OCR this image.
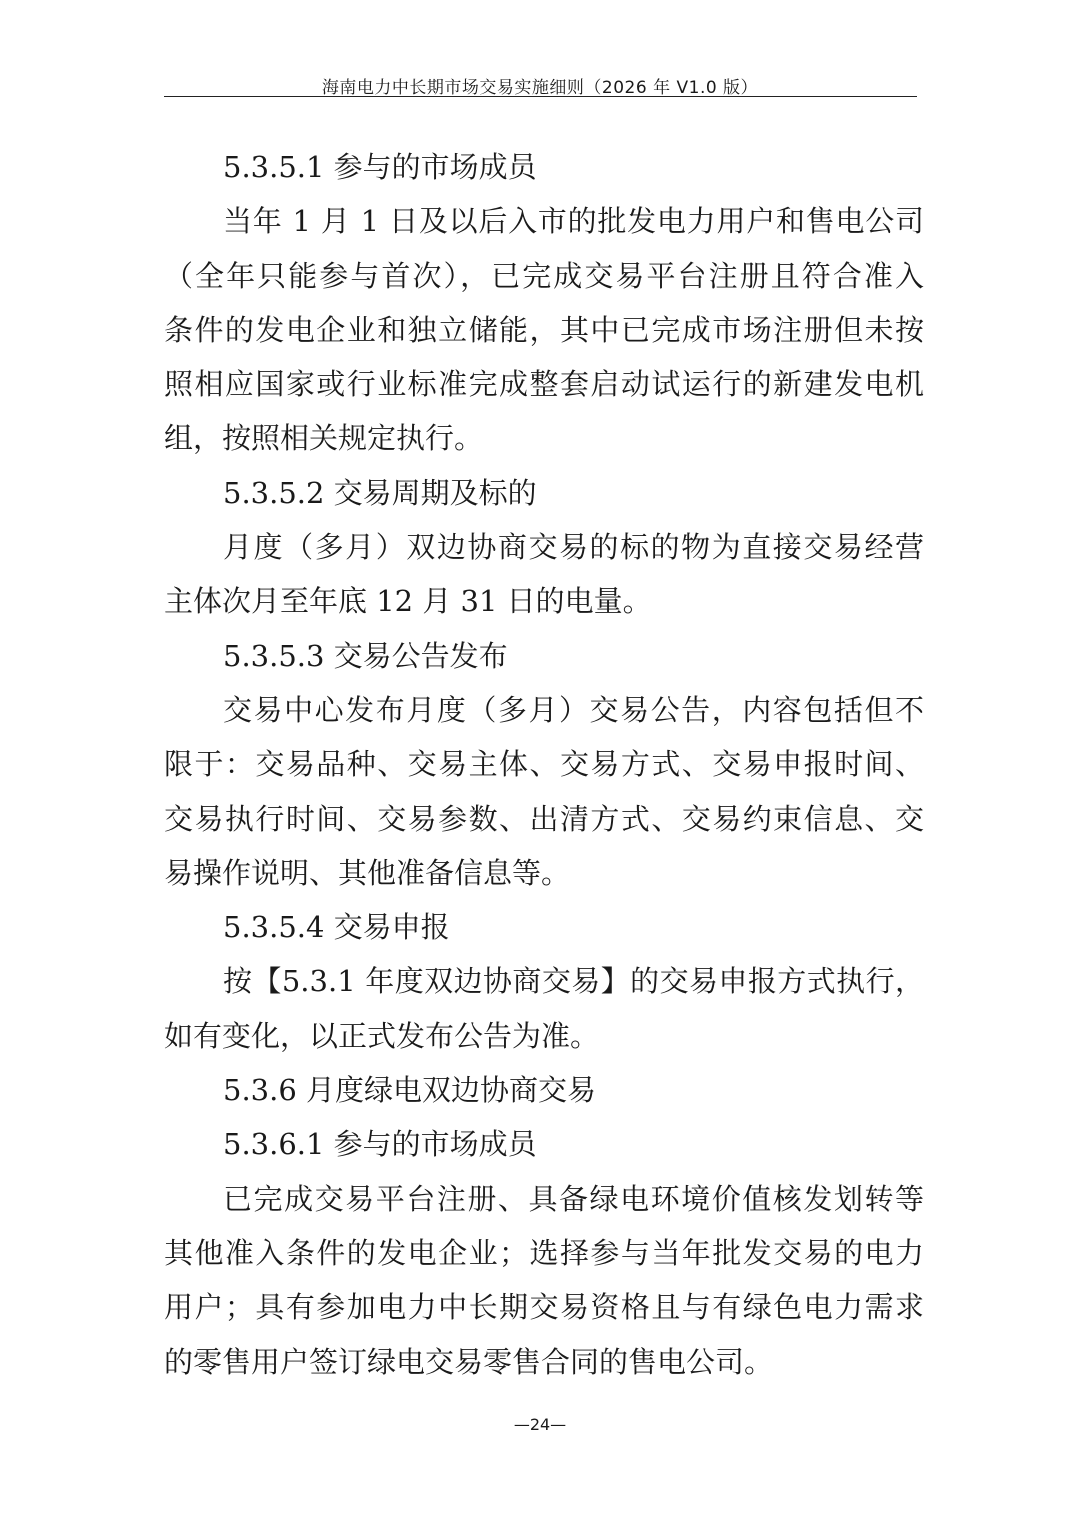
海南电力中长期市场交易实施细则（2026 年 V1.0 版）
5.3.5.1 参与的市场成员
当年 1 月 1 日及以后入市的批发电力用户和售电公司
（全年只能参与首次），已完成交易平台注册且符合准入
条件的发电企业和独立储能，其中已完成市场注册但未按
照相应国家或行业标准完成整套启动试运行的新建发电机
组，按照相关规定执行。
5.3.5.2 交易周期及标的
月度（多月）双边协商交易的标的物为直接交易经营
主体次月至年底 12 月 31 日的电量。
5.3.5.3 交易公告发布
交易中心发布月度（多月）交易公告，内容包括但不
限于：交易品种、交易主体、交易方式、交易申报时间、
交易执行时间、交易参数、出清方式、交易约束信息、交
易操作说明、其他准备信息等。
5.3.5.4 交易申报
按【5.3.1 年度双边协商交易】的交易申报方式执行，
如有变化，以正式发布公告为准。
5.3.6 月度绿电双边协商交易
5.3.6.1 参与的市场成员
已完成交易平台注册、具备绿电环境价值核发划转等
其他准入条件的发电企业；选择参与当年批发交易的电力
用户；具有参加电力中长期交易资格且与有绿色电力需求
的零售用户签订绿电交易零售合同的售电公司。
—24—
